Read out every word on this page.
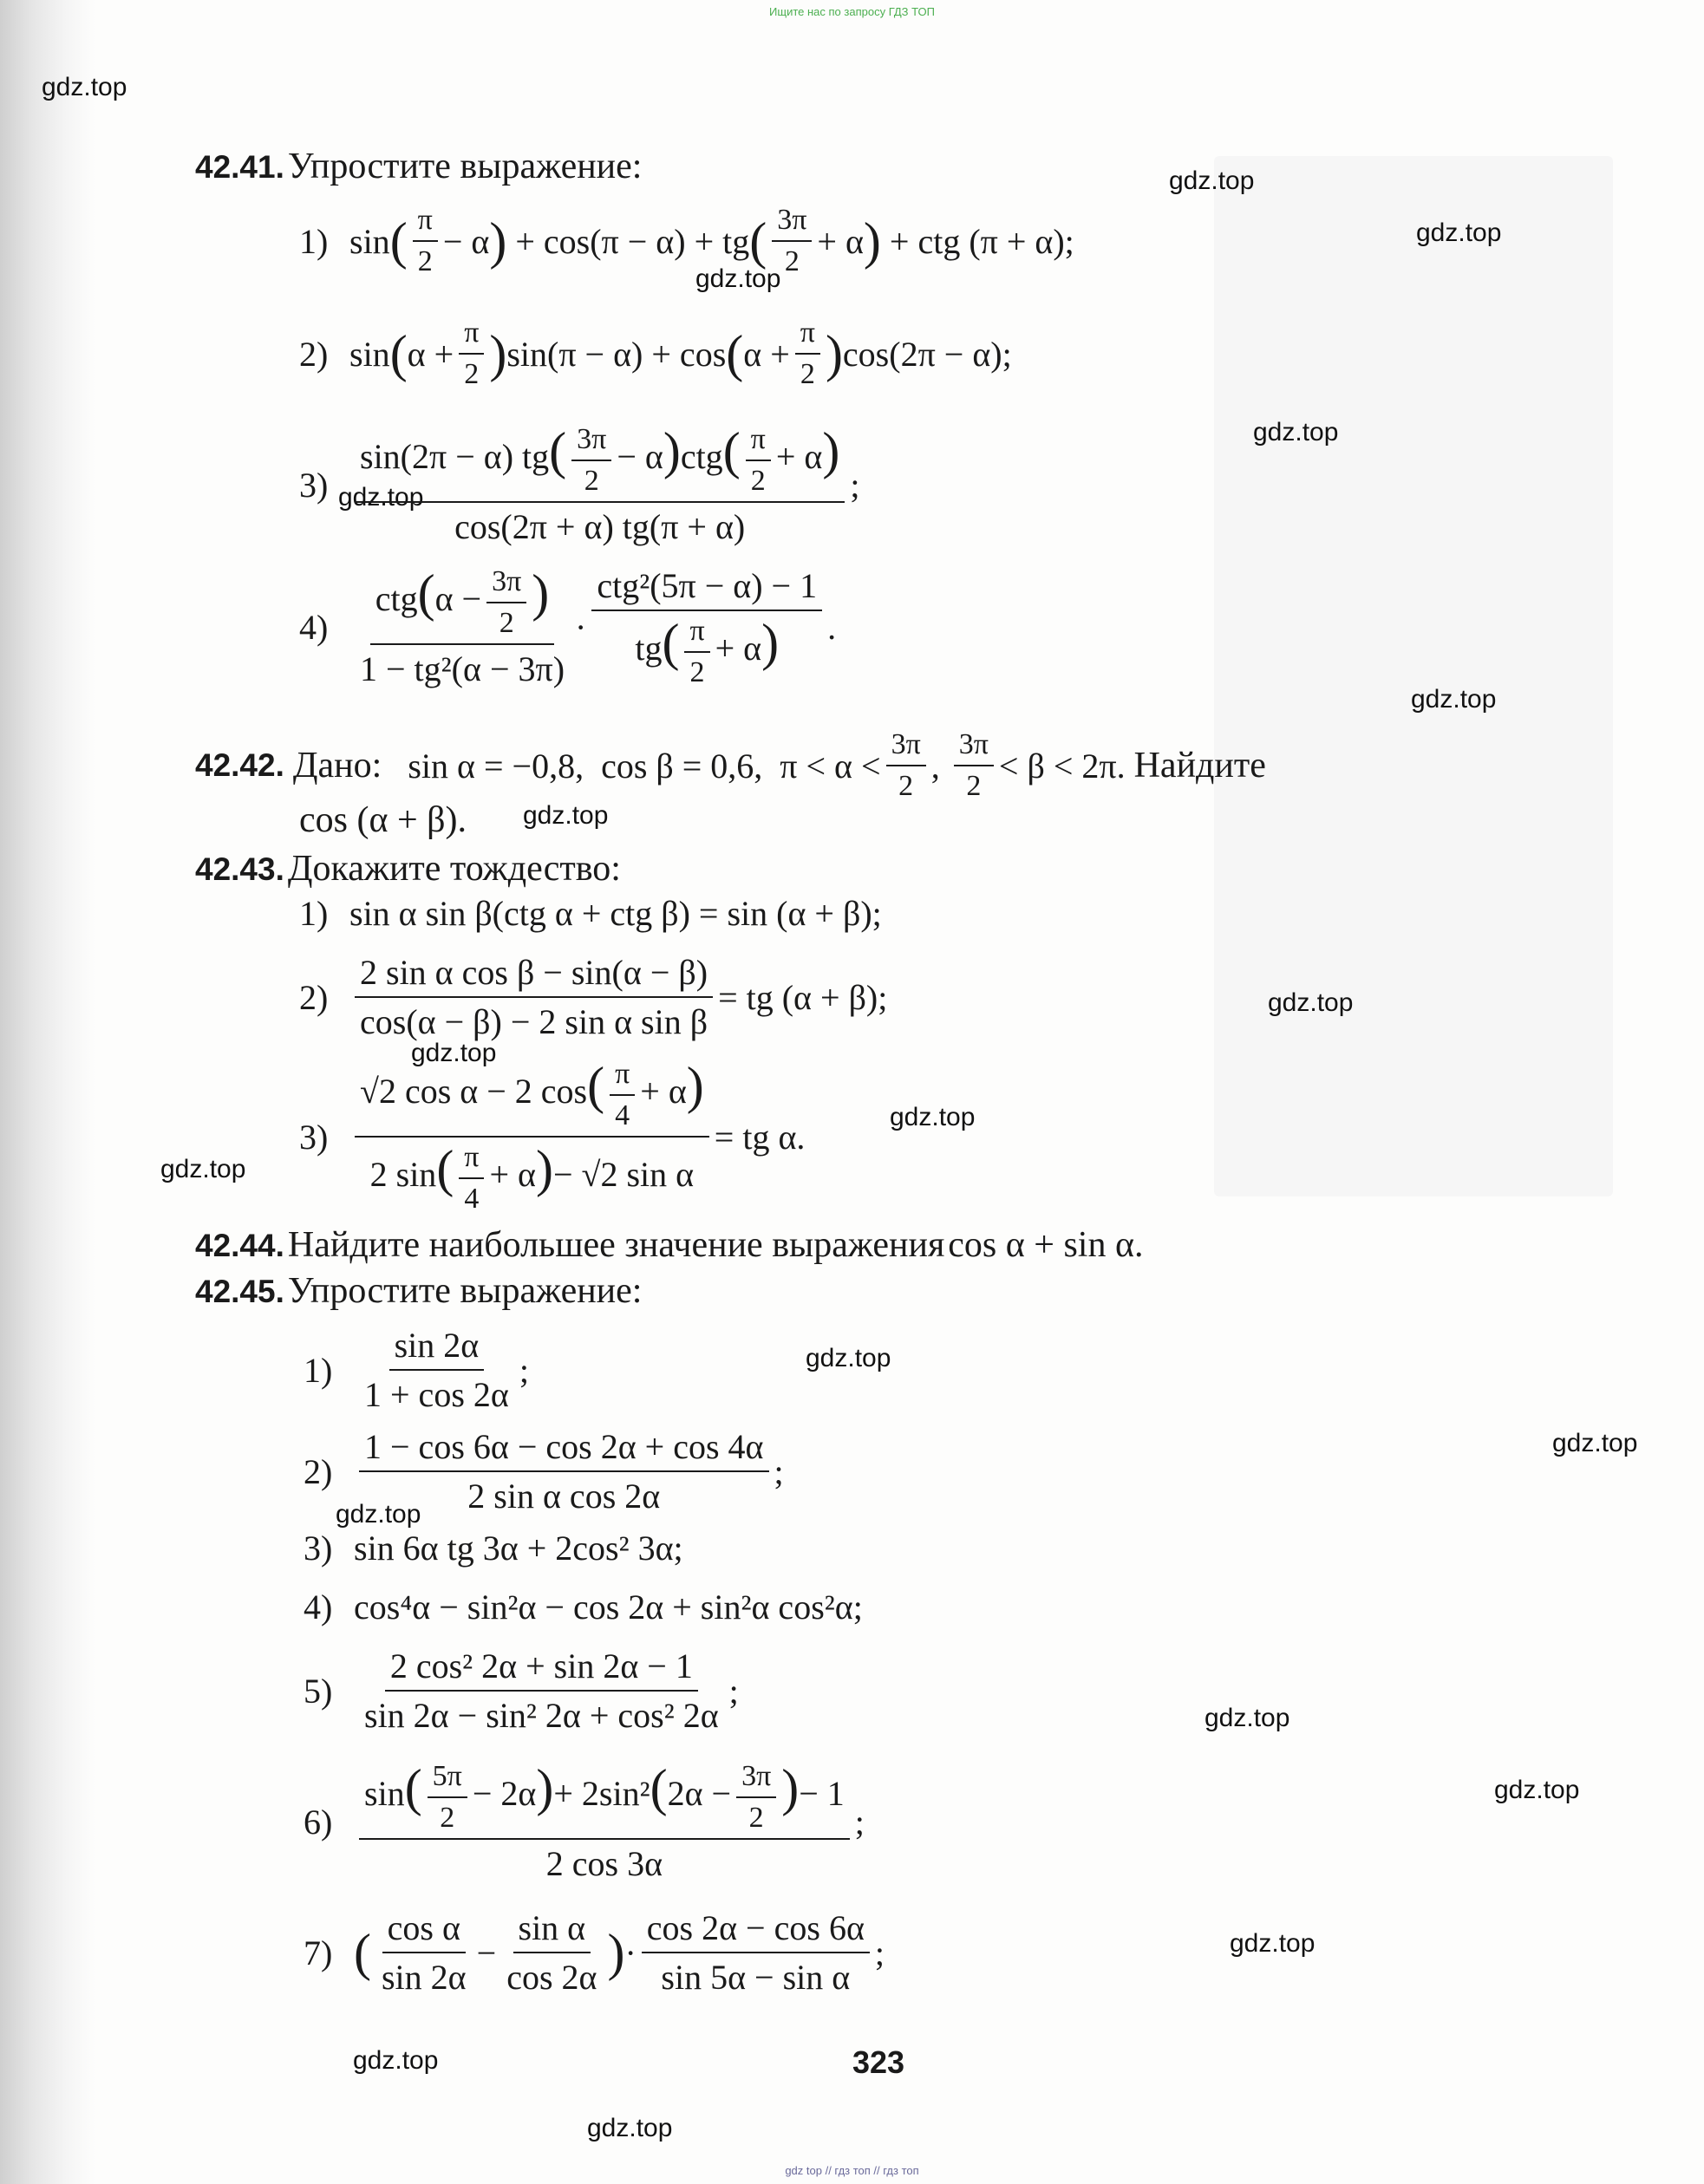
Ищите нас по запросу ГДЗ ТОП
gdz.top
gdz.top
gdz.top
gdz.top
gdz.top
gdz.top
gdz.top
gdz.top
gdz.top
gdz.top
gdz.top
gdz.top
gdz.top
gdz.top
gdz.top
gdz.top
gdz.top
gdz.top
gdz.top
gdz.top
42.41. Упростите выражение:
1) sin ( π
2
− α ) + cos(π − α) + tg ( 3π
2
+ α ) + ctg (π + α);
2) sin ( α +
π
2 ) sin(π − α) + cos ( α +
π
2 ) cos(2π − α);
3)
sin(2π − α) $tg( \frac{3\pi}{2} - \alpha)ctg( \frac{\pi}{2} + \alpha)$
cos(2π + α) tg(π + α)
;
4)
$ctg(\alpha - \frac{3\pi}{2}$ )
1 − tg²(α − 3π)
·
ctg²(5π − α) − 1
$tg( \frac{\pi}{2} + \alpha)$ .
42.42.
Дано: sin α = −0,8,  cos β = 0,6,  π < α <
3π
2
,
3π
2
< β < 2π. Найдите
cos (α + β).
42.43. Докажите тождество:
1) sin α sin β(ctg α + ctg β) = sin (α + β);
2)
2 sin α cos β − sin(α − β)
cos(α − β) − 2 sin α sin β
= tg (α + β);
3)
√2 cos α − 2 $\cos( \frac{\pi}{4} + \alpha)$
2 $\sin( \frac{\pi}{4} + \alpha)- √2$ sin α
= tg α.
42.44. Найдите наибольшее значение выражения cos α + sin α.
42.45. Упростите выражение:
1)
sin 2α
1 + cos 2α
;
2)
1 − cos 6α − cos 2α + cos 4α
2 sin α cos 2α
;
3) sin 6α tg 3α + 2cos² 3α;
4) cos⁴α − sin²α − cos 2α + sin²α cos²α;
5)
2 cos² 2α + sin 2α − 1
sin 2α − sin² 2α + cos² 2α
;
6)
$\sin( \frac{5\pi}{2} - 2\alpha)+ 2\sin^2(2\alpha - \frac{3\pi}{2}$ )− 1
2 cos 3α
;
7) ( cos α
sin 2α
−
sin α
cos 2α ) ·
cos 2α − cos 6α
sin 5α − sin α
;
323
gdz top // гдз топ // гдз топ
